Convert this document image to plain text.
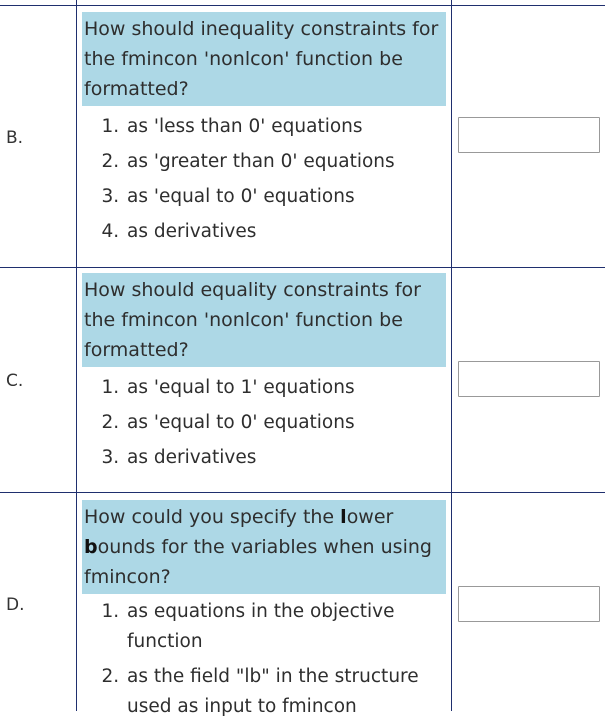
B.
How should inequality constraints for the fmincon 'nonlcon' function be formatted?
1. as 'less than 0' equations
2. as 'greater than 0' equations
3. as 'equal to 0' equations
4. as derivatives
C.
How should equality constraints for the fmincon 'nonlcon' function be formatted?
1. as 'equal to 1' equations
2. as 'equal to 0' equations
3. as derivatives
D.
How could you specify the lower bounds for the variables when using fmincon?
1. as equations in the objective function
2. as the field "lb" in the structure used as input to fmincon
